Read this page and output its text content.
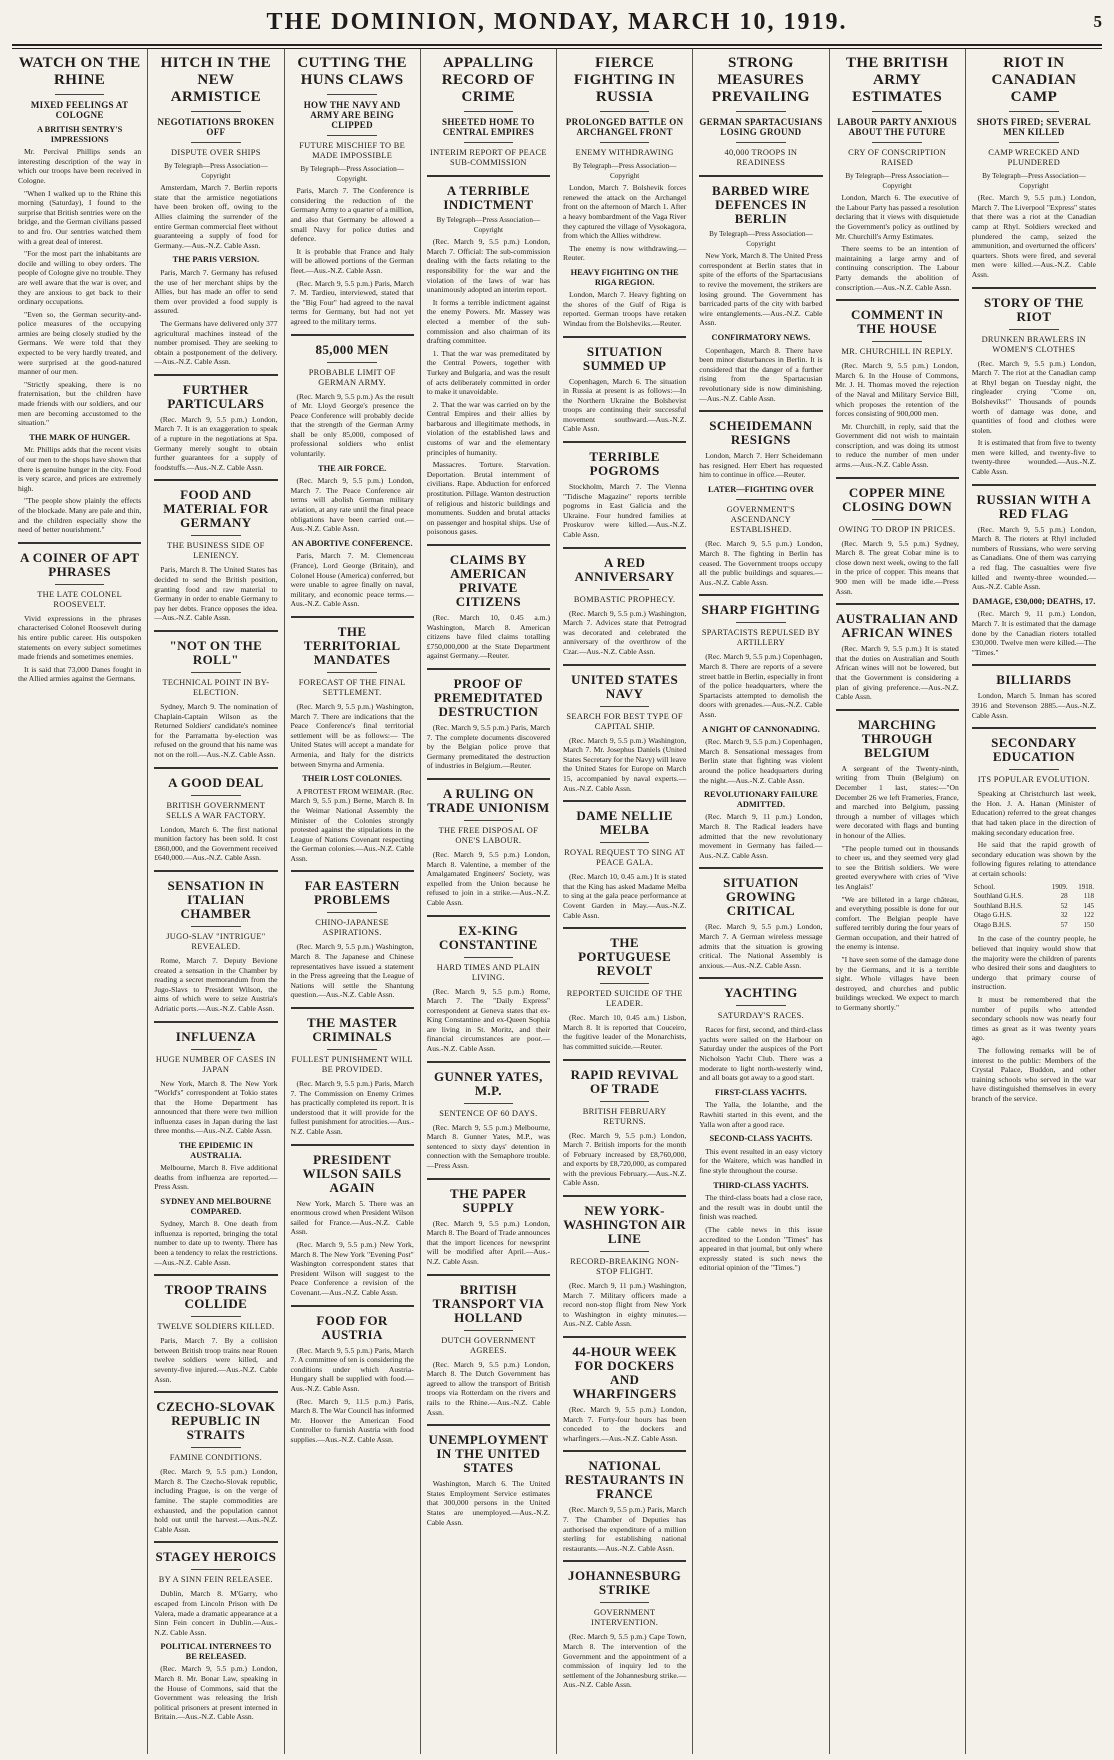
THE DOMINION, MONDAY, MARCH 10, 1919.	5
WATCH ON THE RHINE
MIXED FEELINGS AT COLOGNE
A BRITISH SENTRY'S IMPRESSIONS

Mr. Percival Phillips sends an interesting description of the way in which our troops have been received in Cologne.

"When I walked up to the Rhine this morning (Saturday), I found to the surprise that British sentries were on the bridge, and the German civilians passed to and fro. Our sentries watched them with a great deal of interest.

"For the most part the inhabitants are docile and willing to obey orders. The people of Cologne give no trouble. They are well aware that the war is over, and they are anxious to get back to their ordinary occupations.

"Even so, the German security-and-police measures of the occupying armies are being closely studied by the Germans. We were told that they expected to be very hardly treated, and were surprised at the good-natured manner of our men.

"Strictly speaking, there is no fraternisation, but the children have made friends with our soldiers, and our men are becoming accustomed to the situation."

THE MARK OF HUNGER.

Mr. Phillips adds that the recent visits of our men to the shops have shown that there is genuine hunger in the city. Food is very scarce, and prices are extremely high.

"The people show plainly the effects of the blockade. Many are pale and thin, and the children especially show the need of better nourishment."

A COINER OF APT PHRASES
THE LATE COLONEL ROOSEVELT.

Vivid expressions in the phrases characterised Colonel Roosevelt during his entire public career. His outspoken statements on every subject sometimes made friends and sometimes enemies.

It is said that 73,000 Danes fought in the Allied armies against the Germans.

HITCH IN THE NEW ARMISTICE
NEGOTIATIONS BROKEN OFF
DISPUTE OVER SHIPS
By Telegraph—Press Association—Copyright

Amsterdam, March 7. Berlin reports state that the armistice negotiations have been broken off, owing to the Allies claiming the surrender of the entire German commercial fleet without guaranteeing a supply of food for Germany.—Aus.-N.Z. Cable Assn.

THE PARIS VERSION.

Paris, March 7. Germany has refused the use of her merchant ships by the Allies, but has made an offer to send them over provided a food supply is assured.

The Germans have delivered only 377 agricultural machines instead of the number promised. They are seeking to obtain a postponement of the delivery.—Aus.-N.Z. Cable Assn.

FURTHER PARTICULARS

(Rec. March 9, 5.5 p.m.) London, March 7. It is an exaggeration to speak of a rupture in the negotiations at Spa. Germany merely sought to obtain further guarantees for a supply of foodstuffs.—Aus.-N.Z. Cable Assn.

FOOD AND MATERIAL FOR GERMANY
THE BUSINESS SIDE OF LENIENCY.

Paris, March 8. The United States has decided to send the British position, granting food and raw material to Germany in order to enable Germany to pay her debts. France opposes the idea.—Aus.-N.Z. Cable Assn.

"NOT ON THE ROLL"
TECHNICAL POINT IN BY-ELECTION.

Sydney, March 9. The nomination of Chaplain-Captain Wilson as the Returned Soldiers' candidate's nominee for the Parramatta by-election was refused on the ground that his name was not on the roll.—Aus.-N.Z. Cable Assn.

A GOOD DEAL
BRITISH GOVERNMENT SELLS A WAR FACTORY.

London, March 6. The first national munition factory has been sold. It cost £860,000, and the Government received £640,000.—Aus.-N.Z. Cable Assn.

SENSATION IN ITALIAN CHAMBER
JUGO-SLAV "INTRIGUE" REVEALED.

Rome, March 7. Deputy Bevione created a sensation in the Chamber by reading a secret memorandum from the Jugo-Slavs to President Wilson, the aims of which were to seize Austria's Adriatic ports.—Aus.-N.Z. Cable Assn.

INFLUENZA
HUGE NUMBER OF CASES IN JAPAN

New York, March 8. The New York "World's" correspondent at Tokio states that the Home Department has announced that there were two million influenza cases in Japan during the last three months.—Aus.-N.Z. Cable Assn.

THE EPIDEMIC IN AUSTRALIA.

Melbourne, March 8. Five additional deaths from influenza are reported.—Press Assn.

SYDNEY AND MELBOURNE COMPARED.

Sydney, March 8. One death from influenza is reported, bringing the total number to date up to twenty. There has been a tendency to relax the restrictions.—Aus.-N.Z. Cable Assn.

TROOP TRAINS COLLIDE
TWELVE SOLDIERS KILLED.

Paris, March 7. By a collision between British troop trains near Rouen twelve soldiers were killed, and seventy-five injured.—Aus.-N.Z. Cable Assn.

CZECHO-SLOVAK REPUBLIC IN STRAITS
FAMINE CONDITIONS.

(Rec. March 9, 5.5 p.m.) London, March 8. The Czecho-Slovak republic, including Prague, is on the verge of famine. The staple commodities are exhausted, and the population cannot hold out until the harvest.—Aus.-N.Z. Cable Assn.

STAGEY HEROICS
BY A SINN FEIN RELEASEE.

Dublin, March 8. M'Garry, who escaped from Lincoln Prison with De Valera, made a dramatic appearance at a Sinn Fein concert in Dublin.—Aus.-N.Z. Cable Assn.

POLITICAL INTERNEES TO BE RELEASED.

(Rec. March 9, 5.5 p.m.) London, March 8. Mr. Bonar Law, speaking in the House of Commons, said that the Government was releasing the Irish political prisoners at present interned in Britain.—Aus.-N.Z. Cable Assn.

CUTTING THE HUNS CLAWS
HOW THE NAVY AND ARMY ARE BEING CLIPPED
FUTURE MISCHIEF TO BE MADE IMPOSSIBLE
By Telegraph—Press Association—Copyright.

Paris, March 7. The Conference is considering the reduction of the Germany Army to a quarter of a million, and also that Germany be allowed a small Navy for police duties and defence.

It is probable that France and Italy will be allowed portions of the German fleet.—Aus.-N.Z. Cable Assn.

(Rec. March 9, 5.5 p.m.) Paris, March 7. M. Tardieu, interviewed, stated that the "Big Four" had agreed to the naval terms for Germany, but had not yet agreed to the military terms.

85,000 MEN
PROBABLE LIMIT OF GERMAN ARMY.

(Rec. March 9, 5.5 p.m.) As the result of Mr. Lloyd George's presence the Peace Conference will probably decide that the strength of the German Army shall be only 85,000, composed of professional soldiers who enlist voluntarily.

THE AIR FORCE.

(Rec. March 9, 5.5 p.m.) London, March 7. The Peace Conference air terms will abolish German military aviation, at any rate until the final peace obligations have been carried out.—Aus.-N.Z. Cable Assn.

AN ABORTIVE CONFERENCE.

Paris, March 7. M. Clemenceau (France), Lord George (Britain), and Colonel House (America) conferred, but were unable to agree finally on naval, military, and economic peace terms.—Aus.-N.Z. Cable Assn.

THE TERRITORIAL MANDATES
FORECAST OF THE FINAL SETTLEMENT.

(Rec. March 9, 5.5 p.m.) Washington, March 7. There are indications that the Peace Conference's final territorial settlement will be as follows:— The United States will accept a mandate for Armenia, and Italy for the districts between Smyrna and Armenia.

THEIR LOST COLONIES.

A PROTEST FROM WEIMAR. (Rec. March 9, 5.5 p.m.) Berne, March 8. In the Weimar National Assembly the Minister of the Colonies strongly protested against the stipulations in the League of Nations Covenant respecting the German colonies.—Aus.-N.Z. Cable Assn.

FAR EASTERN PROBLEMS
CHINO-JAPANESE ASPIRATIONS.

(Rec. March 9, 5.5 p.m.) Washington, March 8. The Japanese and Chinese representatives have issued a statement in the Press agreeing that the League of Nations will settle the Shantung question.—Aus.-N.Z. Cable Assn.

THE MASTER CRIMINALS
FULLEST PUNISHMENT WILL BE PROVIDED.

(Rec. March 9, 5.5 p.m.) Paris, March 7. The Commission on Enemy Crimes has practically completed its report. It is understood that it will provide for the fullest punishment for atrocities.—Aus.-N.Z. Cable Assn.

PRESIDENT WILSON SAILS AGAIN

New York, March 5. There was an enormous crowd when President Wilson sailed for France.—Aus.-N.Z. Cable Assn.

(Rec. March 9, 5.5 p.m.) New York, March 8. The New York "Evening Post" Washington correspondent states that President Wilson will suggest to the Peace Conference a revision of the Covenant.—Aus.-N.Z. Cable Assn.

FOOD FOR AUSTRIA

(Rec. March 9, 5.5 p.m.) Paris, March 7. A committee of ten is considering the conditions under which Austria-Hungary shall be supplied with food.—Aus.-N.Z. Cable Assn.

(Rec. March 9, 11.5 p.m.) Paris, March 8. The War Council has informed Mr. Hoover the American Food Controller to furnish Austria with food supplies.—Aus.-N.Z. Cable Assn.

APPALLING RECORD OF CRIME
SHEETED HOME TO CENTRAL EMPIRES
INTERIM REPORT OF PEACE SUB-COMMISSION
A TERRIBLE INDICTMENT
By Telegraph—Press Association—Copyright

(Rec. March 9, 5.5 p.m.) London, March 7. Official: The sub-commission dealing with the facts relating to the responsibility for the war and the violation of the laws of war has unanimously adopted an interim report.

It forms a terrible indictment against the enemy Powers. Mr. Massey was elected a member of the sub-commission and also chairman of its drafting committee.

1. That the war was premeditated by the Central Powers, together with Turkey and Bulgaria, and was the result of acts deliberately committed in order to make it unavoidable.

2. That the war was carried on by the Central Empires and their allies by barbarous and illegitimate methods, in violation of the established laws and customs of war and the elementary principles of humanity.

Massacres. Torture. Starvation. Deportation. Brutal internment of civilians. Rape. Abduction for enforced prostitution. Pillage. Wanton destruction of religious and historic buildings and monuments. Sudden and brutal attacks on passenger and hospital ships. Use of poisonous gases.

CLAIMS BY AMERICAN PRIVATE CITIZENS

(Rec. March 10, 0.45 a.m.) Washington, March 8. American citizens have filed claims totalling £750,000,000 at the State Department against Germany.—Reuter.

PROOF OF PREMEDITATED DESTRUCTION

(Rec. March 9, 5.5 p.m.) Paris, March 7. The complete documents discovered by the Belgian police prove that Germany premeditated the destruction of industries in Belgium.—Reuter.

A RULING ON TRADE UNIONISM
THE FREE DISPOSAL OF ONE'S LABOUR.

(Rec. March 9, 5.5 p.m.) London, March 8. Valentine, a member of the Amalgamated Engineers' Society, was expelled from the Union because he refused to join in a strike.—Aus.-N.Z. Cable Assn.

EX-KING CONSTANTINE
HARD TIMES AND PLAIN LIVING.

(Rec. March 9, 5.5 p.m.) Rome, March 7. The "Daily Express" correspondent at Geneva states that ex-King Constantine and ex-Queen Sophia are living in St. Moritz, and their financial circumstances are poor.—Aus.-N.Z. Cable Assn.

GUNNER YATES, M.P.
SENTENCE OF 60 DAYS.

(Rec. March 9, 5.5 p.m.) Melbourne, March 8. Gunner Yates, M.P., was sentenced to sixty days' detention in connection with the Semaphore trouble.—Press Assn.

THE PAPER SUPPLY

(Rec. March 9, 5.5 p.m.) London, March 8. The Board of Trade announces that the import licences for newsprint will be modified after April.—Aus.-N.Z. Cable Assn.

BRITISH TRANSPORT VIA HOLLAND
DUTCH GOVERNMENT AGREES.

(Rec. March 9, 5.5 p.m.) London, March 8. The Dutch Government has agreed to allow the transport of British troops via Rotterdam on the rivers and rails to the Rhine.—Aus.-N.Z. Cable Assn.

UNEMPLOYMENT IN THE UNITED STATES

Washington, March 6. The United States Employment Service estimates that 300,000 persons in the United States are unemployed.—Aus.-N.Z. Cable Assn.

FIERCE FIGHTING IN RUSSIA
PROLONGED BATTLE ON ARCHANGEL FRONT
ENEMY WITHDRAWING
By Telegraph—Press Association—Copyright

London, March 7. Bolshevik forces renewed the attack on the Archangel front on the afternoon of March 1. After a heavy bombardment of the Vaga River they captured the village of Vysokagora, from which the Allies withdrew.

The enemy is now withdrawing.—Reuter.

HEAVY FIGHTING ON THE RIGA REGION.

London, March 7. Heavy fighting on the shores of the Gulf of Riga is reported. German troops have retaken Windau from the Bolsheviks.—Reuter.

SITUATION SUMMED UP

Copenhagen, March 6. The situation in Russia at present is as follows:—In the Northern Ukraine the Bolshevist troops are continuing their successful movement southward.—Aus.-N.Z. Cable Assn.

TERRIBLE POGROMS

Stockholm, March 7. The Vienna "Tidische Magazine" reports terrible pogroms in East Galicia and the Ukraine. Four hundred families at Proskurov were killed.—Aus.-N.Z. Cable Assn.

A RED ANNIVERSARY
BOMBASTIC PROPHECY.

(Rec. March 9, 5.5 p.m.) Washington, March 7. Advices state that Petrograd was decorated and celebrated the anniversary of the overthrow of the Czar.—Aus.-N.Z. Cable Assn.

UNITED STATES NAVY
SEARCH FOR BEST TYPE OF CAPITAL SHIP.

(Rec. March 9, 5.5 p.m.) Washington, March 7. Mr. Josephus Daniels (United States Secretary for the Navy) will leave the United States for Europe on March 15, accompanied by naval experts.—Aus.-N.Z. Cable Assn.

DAME NELLIE MELBA
ROYAL REQUEST TO SING AT PEACE GALA.

(Rec. March 10, 0.45 a.m.) It is stated that the King has asked Madame Melba to sing at the gala peace performance at Covent Garden in May.—Aus.-N.Z. Cable Assn.

THE PORTUGUESE REVOLT
REPORTED SUICIDE OF THE LEADER.

(Rec. March 10, 0.45 a.m.) Lisbon, March 8. It is reported that Couceiro, the fugitive leader of the Monarchists, has committed suicide.—Reuter.

RAPID REVIVAL OF TRADE
BRITISH FEBRUARY RETURNS.

(Rec. March 9, 5.5 p.m.) London, March 7. British imports for the month of February increased by £8,760,000, and exports by £8,720,000, as compared with the previous February.—Aus.-N.Z. Cable Assn.

NEW YORK-WASHINGTON AIR LINE
RECORD-BREAKING NON-STOP FLIGHT.

(Rec. March 9, 11 p.m.) Washington, March 7. Military officers made a record non-stop flight from New York to Washington in eighty minutes.—Aus.-N.Z. Cable Assn.

44-HOUR WEEK FOR DOCKERS AND WHARFINGERS

(Rec. March 9, 5.5 p.m.) London, March 7. Forty-four hours has been conceded to the dockers and wharfingers.—Aus.-N.Z. Cable Assn.

NATIONAL RESTAURANTS IN FRANCE

(Rec. March 9, 5.5 p.m.) Paris, March 7. The Chamber of Deputies has authorised the expenditure of a million sterling for establishing national restaurants.—Aus.-N.Z. Cable Assn.

JOHANNESBURG STRIKE
GOVERNMENT INTERVENTION.

(Rec. March 9, 5.5 p.m.) Cape Town, March 8. The intervention of the Government and the appointment of a commission of inquiry led to the settlement of the Johannesburg strike.—Aus.-N.Z. Cable Assn.

STRONG MEASURES PREVAILING
GERMAN SPARTACUSIANS LOSING GROUND
40,000 TROOPS IN READINESS
BARBED WIRE DEFENCES IN BERLIN
By Telegraph—Press Association—Copyright

New York, March 8. The United Press correspondent at Berlin states that in spite of the efforts of the Spartacusians to revive the movement, the strikers are losing ground. The Government has barricaded parts of the city with barbed wire entanglements.—Aus.-N.Z. Cable Assn.

CONFIRMATORY NEWS.

Copenhagen, March 8. There have been minor disturbances in Berlin. It is considered that the danger of a further rising from the Spartacusian revolutionary side is now diminishing.—Aus.-N.Z. Cable Assn.

SCHEIDEMANN RESIGNS

London, March 7. Herr Scheidemann has resigned. Herr Ebert has requested him to continue in office.—Reuter.

LATER—FIGHTING OVER
GOVERNMENT'S ASCENDANCY ESTABLISHED.

(Rec. March 9, 5.5 p.m.) London, March 8. The fighting in Berlin has ceased. The Government troops occupy all the public buildings and squares.—Aus.-N.Z. Cable Assn.

SHARP FIGHTING
SPARTACISTS REPULSED BY ARTILLERY

(Rec. March 9, 5.5 p.m.) Copenhagen, March 8. There are reports of a severe street battle in Berlin, especially in front of the police headquarters, where the Spartacists attempted to demolish the doors with grenades.—Aus.-N.Z. Cable Assn.

A NIGHT OF CANNONADING.

(Rec. March 9, 5.5 p.m.) Copenhagen, March 8. Sensational messages from Berlin state that fighting was violent around the police headquarters during the night.—Aus.-N.Z. Cable Assn.

REVOLUTIONARY FAILURE ADMITTED.

(Rec. March 9, 11 p.m.) London, March 8. The Radical leaders have admitted that the new revolutionary movement in Germany has failed.—Aus.-N.Z. Cable Assn.

SITUATION GROWING CRITICAL

(Rec. March 9, 5.5 p.m.) London, March 7. A German wireless message admits that the situation is growing critical. The National Assembly is anxious.—Aus.-N.Z. Cable Assn.

YACHTING
SATURDAY'S RACES.

Races for first, second, and third-class yachts were sailed on the Harbour on Saturday under the auspices of the Port Nicholson Yacht Club. There was a moderate to light north-westerly wind, and all boats got away to a good start.

FIRST-CLASS YACHTS.

The Yalla, the Iolanthe, and the Rawhiti started in this event, and the Yalla won after a good race.

SECOND-CLASS YACHTS.

This event resulted in an easy victory for the Waitere, which was handled in fine style throughout the course.

THIRD-CLASS YACHTS.

The third-class boats had a close race, and the result was in doubt until the finish was reached.

(The cable news in this issue accredited to the London "Times" has appeared in that journal, but only where expressly stated is such news the editorial opinion of the "Times.")

THE BRITISH ARMY ESTIMATES
LABOUR PARTY ANXIOUS ABOUT THE FUTURE
CRY OF CONSCRIPTION RAISED
By Telegraph—Press Association—Copyright

London, March 6. The executive of the Labour Party has passed a resolution declaring that it views with disquietude the Government's policy as outlined by Mr. Churchill's Army Estimates.

There seems to be an intention of maintaining a large army and of continuing conscription. The Labour Party demands the abolition of conscription.—Aus.-N.Z. Cable Assn.

COMMENT IN THE HOUSE
MR. CHURCHILL IN REPLY.

(Rec. March 9, 5.5 p.m.) London, March 6. In the House of Commons, Mr. J. H. Thomas moved the rejection of the Naval and Military Service Bill, which proposes the retention of the forces consisting of 900,000 men.

Mr. Churchill, in reply, said that the Government did not wish to maintain conscription, and was doing its utmost to reduce the number of men under arms.—Aus.-N.Z. Cable Assn.

COPPER MINE CLOSING DOWN
OWING TO DROP IN PRICES.

(Rec. March 9, 5.5 p.m.) Sydney, March 8. The great Cobar mine is to close down next week, owing to the fall in the price of copper. This means that 900 men will be made idle.—Press Assn.

AUSTRALIAN AND AFRICAN WINES

(Rec. March 9, 5.5 p.m.) It is stated that the duties on Australian and South African wines will not be lowered, but that the Government is considering a plan of giving preference.—Aus.-N.Z. Cable Assn.

MARCHING THROUGH BELGIUM

A sergeant of the Twenty-ninth, writing from Thuin (Belgium) on December 1 last, states:—"On December 26 we left Frameries, France, and marched into Belgium, passing through a number of villages which were decorated with flags and bunting in honour of the Allies.

"The people turned out in thousands to cheer us, and they seemed very glad to see the British soldiers. We were greeted everywhere with cries of 'Vive les Anglais!'

"We are billeted in a large château, and everything possible is done for our comfort. The Belgian people have suffered terribly during the four years of German occupation, and their hatred of the enemy is intense.

"I have seen some of the damage done by the Germans, and it is a terrible sight. Whole villages have been destroyed, and churches and public buildings wrecked. We expect to march to Germany shortly."

RIOT IN CANADIAN CAMP
SHOTS FIRED; SEVERAL MEN KILLED
CAMP WRECKED AND PLUNDERED
By Telegraph—Press Association—Copyright

(Rec. March 9, 5.5 p.m.) London, March 7. The Liverpool "Express" states that there was a riot at the Canadian camp at Rhyl. Soldiers wrecked and plundered the camp, seized the ammunition, and overturned the officers' quarters. Shots were fired, and several men were killed.—Aus.-N.Z. Cable Assn.

STORY OF THE RIOT
DRUNKEN BRAWLERS IN WOMEN'S CLOTHES

(Rec. March 9, 5.5 p.m.) London, March 7. The riot at the Canadian camp at Rhyl began on Tuesday night, the ringleader crying "Come on, Bolsheviks!" Thousands of pounds worth of damage was done, and quantities of food and clothes were stolen.

It is estimated that from five to twenty men were killed, and twenty-five to twenty-three wounded.—Aus.-N.Z. Cable Assn.

RUSSIAN WITH A RED FLAG

(Rec. March 9, 5.5 p.m.) London, March 8. The rioters at Rhyl included numbers of Russians, who were serving as Canadians. One of them was carrying a red flag. The casualties were five killed and twenty-three wounded.—Aus.-N.Z. Cable Assn.

DAMAGE, £30,000; DEATHS, 17.

(Rec. March 9, 11 p.m.) London, March 7. It is estimated that the damage done by the Canadian rioters totalled £30,000. Twelve men were killed.—The "Times."

BILLIARDS

London, March 5. Inman has scored 3916 and Stevenson 2885.—Aus.-N.Z. Cable Assn.

SECONDARY EDUCATION
ITS POPULAR EVOLUTION.

Speaking at Christchurch last week, the Hon. J. A. Hanan (Minister of Education) referred to the great changes that had taken place in the direction of making secondary education free.

He said that the rapid growth of secondary education was shown by the following figures relating to attendance at certain schools:

School.	1909.	1918.
Southland G.H.S.	28	118
Southland B.H.S.	52	145
Otago G.H.S.	32	122
Otago B.H.S.	57	150

In the case of the country people, he believed that inquiry would show that the majority were the children of parents who desired their sons and daughters to undergo that primary course of instruction.

It must be remembered that the number of pupils who attended secondary schools now was nearly four times as great as it was twenty years ago.

The following remarks will be of interest to the public: Members of the Crystal Palace, Buddon, and other training schools who served in the war have distinguished themselves in every branch of the service.
